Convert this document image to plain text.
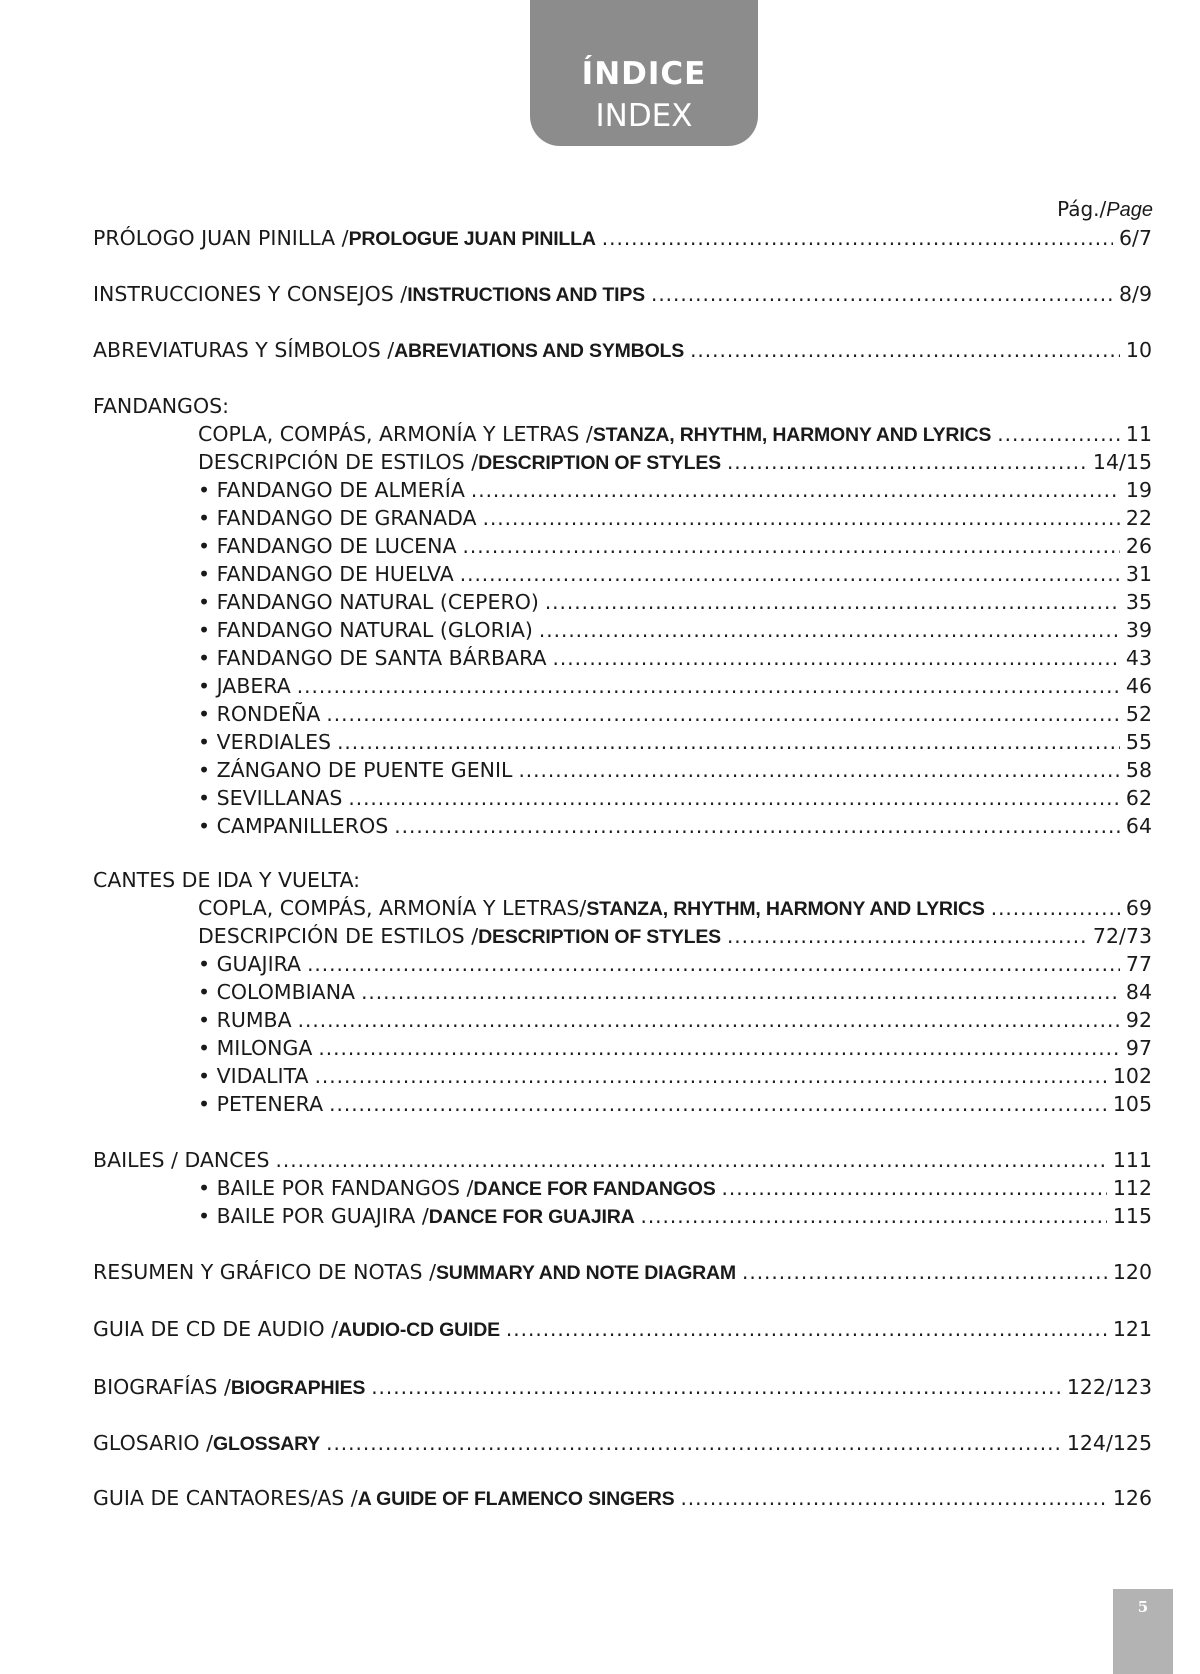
ÍNDICE
INDEX
Pág./Page
PRÓLOGO JUAN PINILLA / PROLOGUE JUAN PINILLA .....	6/7
INSTRUCCIONES Y CONSEJOS / INSTRUCTIONS AND TIPS .....	8/9
ABREVIATURAS Y SÍMBOLOS / ABREVIATIONS AND SYMBOLS .....	10
FANDANGOS:
COPLA, COMPÁS, ARMONÍA Y LETRAS / STANZA, RHYTHM, HARMONY AND LYRICS .....	11
DESCRIPCIÓN DE ESTILOS / DESCRIPTION OF STYLES .....	14/15
• FANDANGO DE ALMERÍA .....	19
• FANDANGO DE GRANADA .....	22
• FANDANGO DE LUCENA .....	26
• FANDANGO DE HUELVA .....	31
• FANDANGO NATURAL (CEPERO) .....	35
• FANDANGO NATURAL (GLORIA) .....	39
• FANDANGO DE SANTA BÁRBARA .....	43
• JABERA .....	46
• RONDEÑA .....	52
• VERDIALES .....	55
• ZÁNGANO DE PUENTE GENIL .....	58
• SEVILLANAS .....	62
• CAMPANILLEROS .....	64
CANTES DE IDA Y VUELTA:
COPLA, COMPÁS, ARMONÍA Y LETRAS/ STANZA, RHYTHM, HARMONY AND LYRICS .....	69
DESCRIPCIÓN DE ESTILOS / DESCRIPTION OF STYLES .....	72/73
• GUAJIRA .....	77
• COLOMBIANA .....	84
• RUMBA .....	92
• MILONGA .....	97
• VIDALITA .....	102
• PETENERA .....	105
BAILES / DANCES .....	111
• BAILE POR FANDANGOS / DANCE FOR FANDANGOS .....	112
• BAILE POR GUAJIRA / DANCE FOR GUAJIRA .....	115
RESUMEN Y GRÁFICO DE NOTAS / SUMMARY AND NOTE DIAGRAM .....	120
GUIA DE CD DE AUDIO / AUDIO-CD GUIDE .....	121
BIOGRAFÍAS / BIOGRAPHIES .....	122/123
GLOSARIO / GLOSSARY .....	124/125
GUIA DE CANTAORES/AS / A GUIDE OF FLAMENCO SINGERS .....	126
5
